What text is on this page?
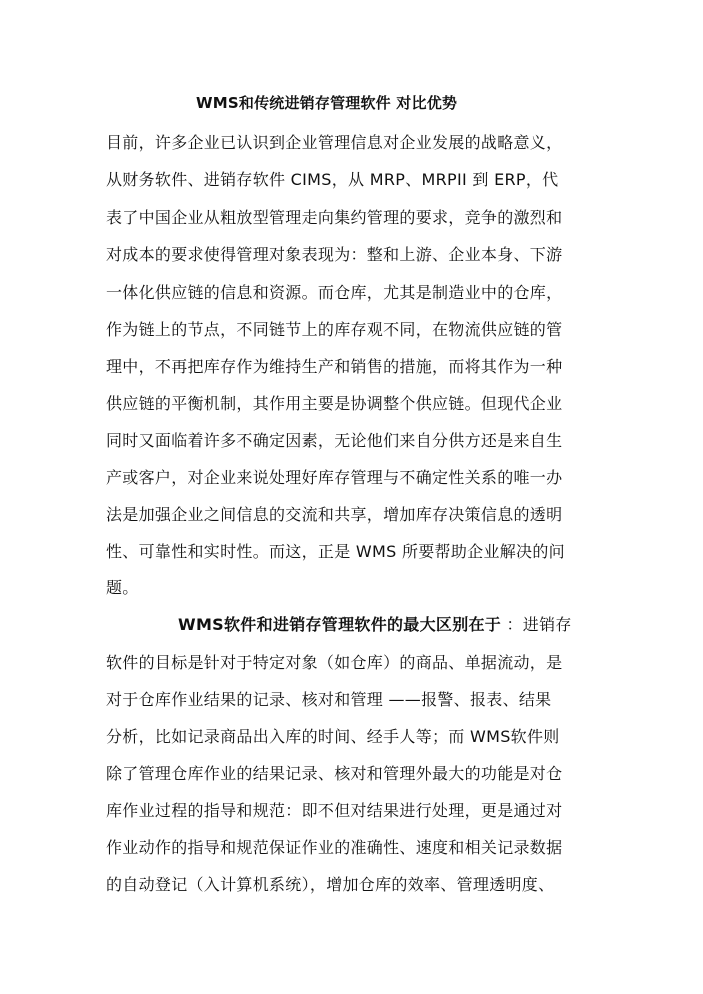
WMS和传统进销存管理软件 对比优势
目前，许多企业已认识到企业管理信息对企业发展的战略意义，
从财务软件、进销存软件 CIMS，从 MRP、MRPII 到 ERP，代
表了中国企业从粗放型管理走向集约管理的要求，竞争的激烈和
对成本的要求使得管理对象表现为：整和上游、企业本身、下游
一体化供应链的信息和资源。而仓库，尤其是制造业中的仓库，
作为链上的节点，不同链节上的库存观不同，在物流供应链的管
理中，不再把库存作为维持生产和销售的措施，而将其作为一种
供应链的平衡机制，其作用主要是协调整个供应链。但现代企业
同时又面临着许多不确定因素，无论他们来自分供方还是来自生
产或客户，对企业来说处理好库存管理与不确定性关系的唯一办
法是加强企业之间信息的交流和共享，增加库存决策信息的透明
性、可靠性和实时性。而这，正是 WMS 所要帮助企业解决的问
题。
WMS软件和进销存管理软件的最大区别在于 ：进销存
软件的目标是针对于特定对象（如仓库）的商品、单据流动，是
对于仓库作业结果的记录、核对和管理 ——报警、报表、结果
分析，比如记录商品出入库的时间、经手人等；而 WMS软件则
除了管理仓库作业的结果记录、核对和管理外最大的功能是对仓
库作业过程的指导和规范：即不但对结果进行处理，更是通过对
作业动作的指导和规范保证作业的准确性、速度和相关记录数据
的自动登记（入计算机系统），增加仓库的效率、管理透明度、
